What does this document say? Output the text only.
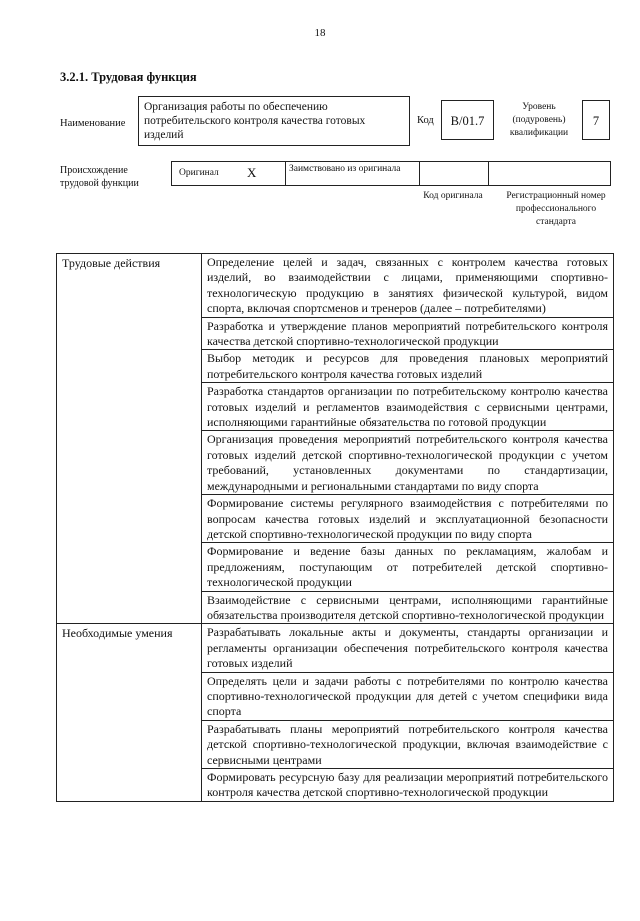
18
3.2.1. Трудовая функция
Наименование
Организация работы по обеспечению потребительского контроля качества готовых изделий
Код	В/01.7
Уровень (подуровень) квалификации
7
Происхождение трудовой функции
Оригинал X	Заимствовано из оригинала
Код оригинала	Регистрационный номер профессионального стандарта
Трудовые действия	Определение целей и задач, связанных с контролем качества готовых изделий, во взаимодействии с лицами, применяющими спортивно-технологическую продукцию в занятиях физической культурой, видом спорта, включая спортсменов и тренеров (далее – потребителями)
	Разработка и утверждение планов мероприятий потребительского контроля качества детской спортивно-технологической продукции
	Выбор методик и ресурсов для проведения плановых мероприятий потребительского контроля качества готовых изделий
	Разработка стандартов организации по потребительскому контролю качества готовых изделий и регламентов взаимодействия с сервисными центрами, исполняющими гарантийные обязательства по готовой продукции
	Организация проведения мероприятий потребительского контроля качества готовых изделий детской спортивно-технологической продукции с учетом требований, установленных документами по стандартизации, международными и региональными стандартами по виду спорта
	Формирование системы регулярного взаимодействия с потребителями по вопросам качества готовых изделий и эксплуатационной безопасности детской спортивно-технологической продукции по виду спорта
	Формирование и ведение базы данных по рекламациям, жалобам и предложениям, поступающим от потребителей детской спортивно-технологической продукции
	Взаимодействие с сервисными центрами, исполняющими гарантийные обязательства производителя детской спортивно-технологической продукции
Необходимые умения	Разрабатывать локальные акты и документы, стандарты организации и регламенты организации обеспечения потребительского контроля качества готовых изделий
	Определять цели и задачи работы с потребителями по контролю качества спортивно-технологической продукции для детей с учетом специфики вида спорта
	Разрабатывать планы мероприятий потребительского контроля качества детской спортивно-технологической продукции, включая взаимодействие с сервисными центрами
	Формировать ресурсную базу для реализации мероприятий потребительского контроля качества детской спортивно-технологической продукции
